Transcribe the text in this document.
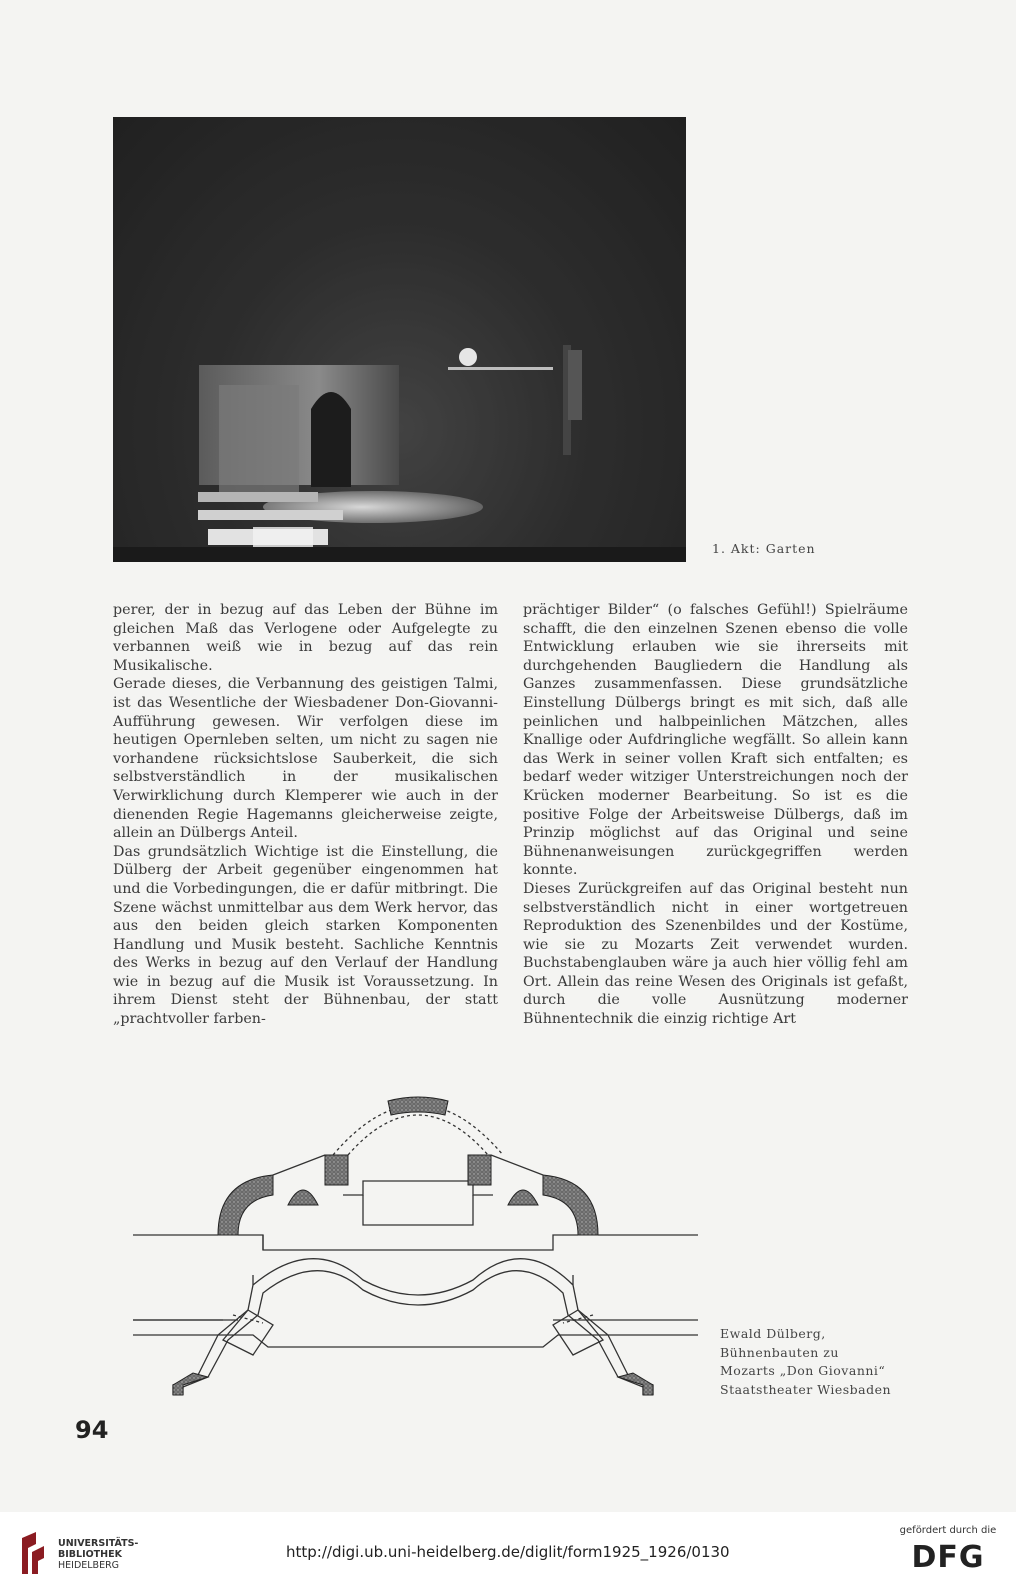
1. Akt: Garten

perer, der in bezug auf das Leben der Bühne im gleichen Maß das Verlogene oder Aufgelegte zu verbannen weiß wie in bezug auf das rein Musikalische.

Gerade dieses, die Verbannung des geistigen Talmi, ist das Wesentliche der Wiesbadener Don-Giovanni-Aufführung gewesen. Wir verfolgen diese im heutigen Opernleben selten, um nicht zu sagen nie vorhandene rücksichtslose Sauberkeit, die sich selbstverständlich in der musikalischen Verwirklichung durch Klemperer wie auch in der dienenden Regie Hagemanns gleicherweise zeigte, allein an Dülbergs Anteil.

Das grundsätzlich Wichtige ist die Einstellung, die Dülberg der Arbeit gegenüber eingenommen hat und die Vorbedingungen, die er dafür mitbringt. Die Szene wächst unmittelbar aus dem Werk hervor, das aus den beiden gleich starken Komponenten Handlung und Musik besteht. Sachliche Kenntnis des Werks in bezug auf den Verlauf der Handlung wie in bezug auf die Musik ist Voraussetzung. In ihrem Dienst steht der Bühnenbau, der statt „prachtvoller farben-

prächtiger Bilder“ (o falsches Gefühl!) Spielräume schafft, die den einzelnen Szenen ebenso die volle Entwicklung erlauben wie sie ihrerseits mit durchgehenden Baugliedern die Handlung als Ganzes zusammenfassen. Diese grundsätzliche Einstellung Dülbergs bringt es mit sich, daß alle peinlichen und halbpeinlichen Mätzchen, alles Knallige oder Aufdringliche wegfällt. So allein kann das Werk in seiner vollen Kraft sich entfalten; es bedarf weder witziger Unterstreichungen noch der Krücken moderner Bearbeitung. So ist es die positive Folge der Arbeitsweise Dülbergs, daß im Prinzip möglichst auf das Original und seine Bühnenanweisungen zurückgegriffen werden konnte.

Dieses Zurückgreifen auf das Original besteht nun selbstverständlich nicht in einer wortgetreuen Reproduktion des Szenenbildes und der Kostüme, wie sie zu Mozarts Zeit verwendet wurden. Buchstabenglauben wäre ja auch hier völlig fehl am Ort. Allein das reine Wesen des Originals ist gefaßt, durch die volle Ausnützung moderner Bühnentechnik die einzig richtige Art

Ewald Dülberg,
Bühnenbauten zu
Mozarts „Don Giovanni“
Staatstheater Wiesbaden
94
UNIVERSITÄTS-
BIBLIOTHEK
HEIDELBERG
http://digi.ub.uni-heidelberg.de/diglit/form1925_1926/0130
gefördert durch die
DFG
